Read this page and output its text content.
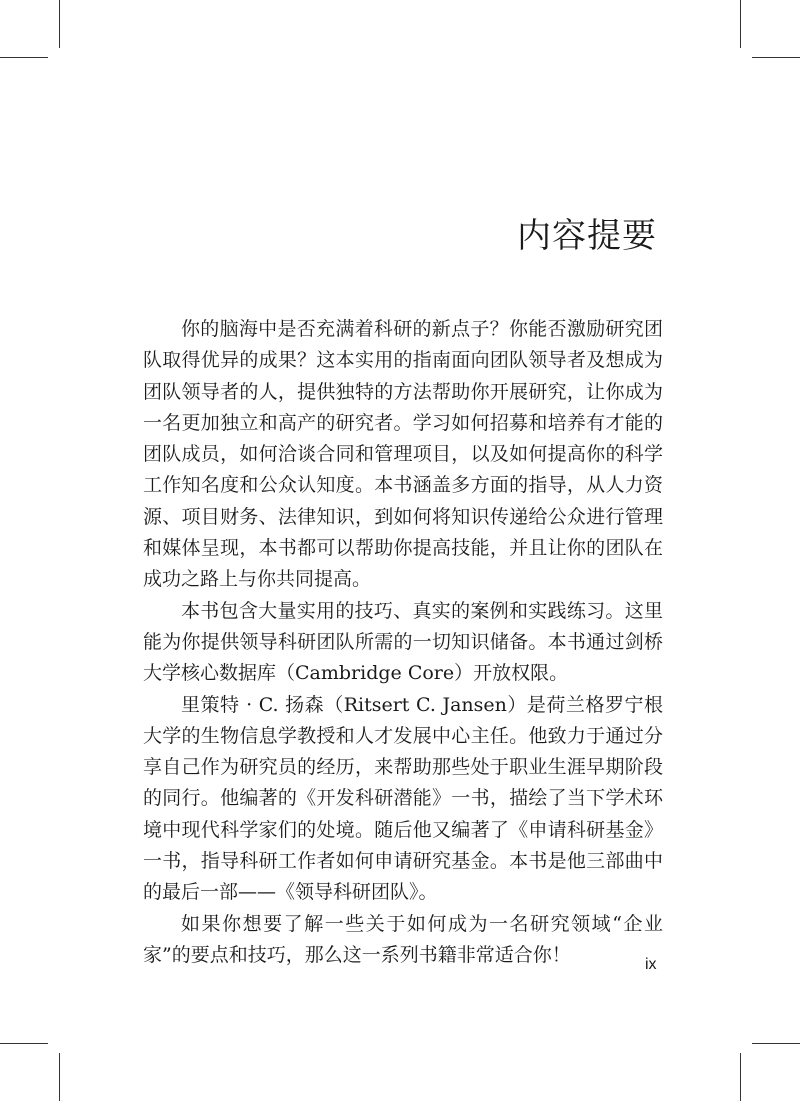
内容提要

你的脑海中是否充满着科研的新点子？你能否激励研究团队取得优异的成果？这本实用的指南面向团队领导者及想成为团队领导者的人，提供独特的方法帮助你开展研究，让你成为一名更加独立和高产的研究者。学习如何招募和培养有才能的团队成员，如何洽谈合同和管理项目，以及如何提高你的科学工作知名度和公众认知度。本书涵盖多方面的指导，从人力资源、项目财务、法律知识，到如何将知识传递给公众进行管理和媒体呈现，本书都可以帮助你提高技能，并且让你的团队在成功之路上与你共同提高。

本书包含大量实用的技巧、真实的案例和实践练习。这里能为你提供领导科研团队所需的一切知识储备。本书通过剑桥大学核心数据库（Cambridge Core）开放权限。

里策特 · C. 扬森（Ritsert C. Jansen）是荷兰格罗宁根大学的生物信息学教授和人才发展中心主任。他致力于通过分享自己作为研究员的经历，来帮助那些处于职业生涯早期阶段的同行。他编著的《开发科研潜能》一书，描绘了当下学术环境中现代科学家们的处境。随后他又编著了《申请科研基金》一书，指导科研工作者如何申请研究基金。本书是他三部曲中的最后一部——《领导科研团队》。

如果你想要了解一些关于如何成为一名研究领域“企业家”的要点和技巧，那么这一系列书籍非常适合你！	ix
